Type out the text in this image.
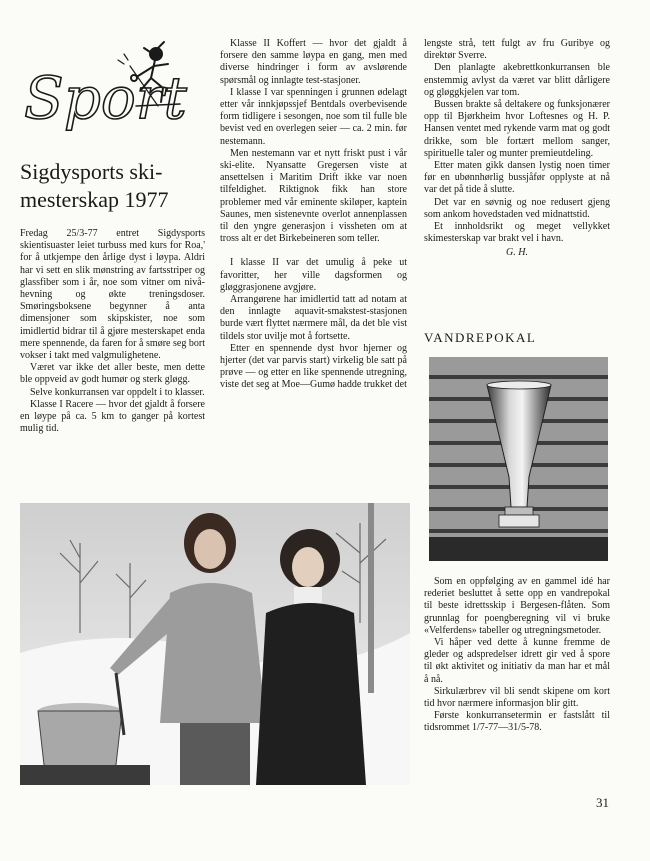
Sport
Sigdysports ski-mesterskap 1977

Fredag 25/3-77 entret Sigdysports skientisuaster leiet turbuss med kurs for Roa,' for å utkjempe den årlige dyst i løypa. Aldri har vi sett en slik mønstring av fartsstriper og glassfiber som i år, noe som vitner om nivå-hevning og økte treningsdoser. Smøringsboksene begynner å anta dimensjoner som skipskister, noe som imidlertid bidrar til å gjøre mesterskapet enda mere spennende, da faren for å smøre seg bort vokser i takt med valgmulighetene.

Været var ikke det aller beste, men dette ble oppveid av godt humør og sterk gløgg.

Selve konkurransen var oppdelt i to klasser.

Klasse I Racere — hvor det gjaldt å forsere en løype på ca. 5 km to ganger på kortest mulig tid.

Klasse II Koffert — hvor det gjaldt å forsere den samme løypa en gang, men med diverse hindringer i form av avslørende spørsmål og innlagte test-stasjoner.

I klasse I var spenningen i grunnen ødelagt etter vår innkjøpssjef Bentdals overbevisende form tidligere i sesongen, noe som til fulle ble bevist ved en overlegen seier — ca. 2 min. før nestemann.

Men nestemann var et nytt friskt pust i vår ski-elite. Nyansatte Gregersen viste at ansettelsen i Maritim Drift ikke var noen tilfeldighet. Riktignok fikk han store problemer med vår eminente skiløper, kaptein Saunes, men sistenevnte overlot annenplassen til den yngre generasjon i vissheten om at tross alt er det Birkebeineren som teller.

I klasse II var det umulig å peke ut favoritter, her ville dagsformen og gløggrasjonene avgjøre.

Arrangørene har imidlertid tatt ad notam at den innlagte aquavit-smakstest-stasjonen burde vært flyttet nærmere mål, da det ble vist tildels stor uvilje mot å fortsette.

Etter en spennende dyst hvor hjerner og hjerter (det var parvis start) virkelig ble satt på prøve — og etter en like spennende utregning, viste det seg at Moe—Gumø hadde trukket det

lengste strå, tett fulgt av fru Guribye og direktør Sverre.

Den planlagte akebrettkonkurransen ble enstemmig avlyst da været var blitt dårligere og gløggkjelen var tom.

Bussen brakte så deltakere og funksjonærer opp til Bjørkheim hvor Loftesnes og H. P. Hansen ventet med rykende varm mat og godt drikke, som ble fortært mellom sanger, spirituelle taler og munter premieutdeling.

Etter maten gikk dansen lystig noen timer før en ubønnhørlig bussjåfør opplyste at nå var det på tide å slutte.

Det var en søvnig og noe redusert gjeng som ankom hovedstaden ved midnattstid.

Et innholdsrikt og meget vellykket skimesterskap var brakt vel i havn.

G. H.

VANDREPOKAL

Som en oppfølging av en gammel idé har rederiet besluttet å sette opp en vandrepokal til beste idrettsskip i Bergesen-flåten. Som grunnlag for poengberegning vil vi bruke «Velferdens» tabeller og utregningsmetoder.

Vi håper ved dette å kunne fremme de gleder og adspredelser idrett gir ved å spore til økt aktivitet og initiativ da man har et mål å nå.

Sirkulærbrev vil bli sendt skipene om kort tid hvor nærmere informasjon blir gitt.

Første konkurransetermin er fastslått til tidsrommet 1/7-77—31/5-78.

31
